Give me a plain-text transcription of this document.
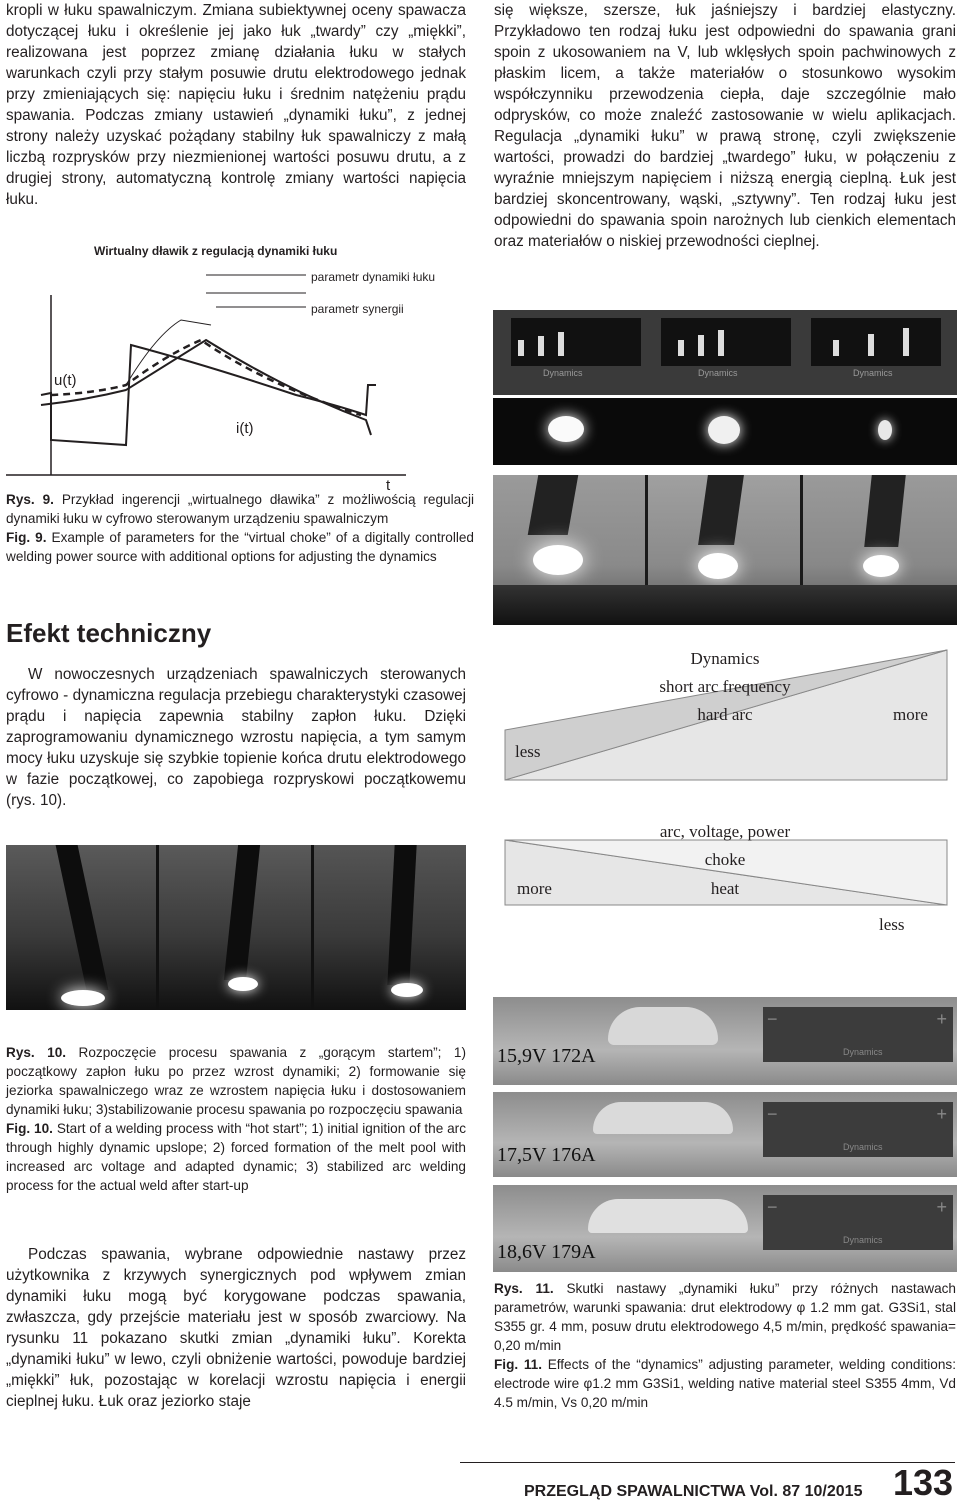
kropli w łuku spawalniczym. Zmiana subiektywnej oceny spawacza dotyczącej łuku i określenie jej jako łuk „twardy” czy „miękki”, realizowana jest poprzez zmianę działania łuku w stałych warunkach czyli przy stałym posuwie drutu elektrodowego jednak przy zmieniających się: napięciu łuku i średnim natężeniu prądu spawania. Podczas zmiany ustawień „dynamiki łuku”, z jednej strony należy uzyskać pożądany stabilny łuk spawalniczy z małą liczbą rozprysków przy niezmienionej wartości posuwu drutu, a z drugiej strony, automatyczną kontrolę zmiany wartości napięcia łuku.
się większe, szersze, łuk jaśniejszy i bardziej elastyczny. Przykładowo ten rodzaj łuku jest odpowiedni do spawania grani spoin z ukosowaniem na V, lub wklęsłych spoin pachwinowych z płaskim licem, a także materiałów o stosunkowo wysokim współczynniku przewodzenia ciepła, daje szczególnie mało odprysków, co może znaleźć zastosowanie w wielu aplikacjach. Regulacja „dynamiki łuku” w prawą stronę, czyli zwiększenie wartości, prowadzi do bardziej „twardego” łuku, w połączeniu z wyraźnie mniejszym napięciem i niższą energią cieplną. Łuk jest bardziej skoncentrowany, wąski, „sztywny”. Ten rodzaj łuku jest odpowiedni do spawania spoin narożnych lub cienkich elementach oraz materiałów o niskiej przewodności cieplnej.
Wirtualny dławik z regulacją dynamiki łuku
parametr dynamiki łuku
parametr synergii
u(t)
i(t)
t
Dynamics	Dynamics	Dynamics
Rys. 9. Przykład ingerencji „wirtualnego dławika” z możliwością regulacji dynamiki łuku w cyfrowo sterowanym urządzeniu spawalniczym
Fig. 9. Example of parameters for the “virtual choke” of a digitally controlled welding power source with additional options for adjusting the dynamics
Dynamics
short arc frequency
hard arc
less
more
arc, voltage, power
choke
heat
more
less
Efekt techniczny
W nowoczesnych urządzeniach spawalniczych sterowanych cyfrowo - dynamiczna regulacja przebiegu charakterystyki czasowej prądu i napięcia zapewnia stabilny zapłon łuku. Dzięki zaprogramowaniu dynamicznego wzrostu napięcia, a tym samym mocy łuku uzyskuje się szybkie topienie końca drutu elektrodowego w fazie początkowej, co zapobiega rozpryskowi początkowemu (rys. 10).
Rys. 10. Rozpoczęcie procesu spawania z „gorącym startem”; 1) początkowy zapłon łuku po przez wzrost dynamiki; 2) formowanie się jeziorka spawalniczego wraz ze wzrostem napięcia łuku i dostosowaniem dynamiki łuku; 3)stabilizowanie procesu spawania po rozpoczęciu spawania
Fig. 10. Start of a welding process with “hot start”; 1) initial ignition of the arc through highly dynamic upslope; 2) forced formation of the melt pool with increased arc voltage and adapted dynamic; 3) stabilized arc welding process for the actual weld after start-up
−	+
Dynamics
15,9V 172A
−	+
Dynamics
17,5V 176A
−	+
Dynamics
18,6V 179A
Rys. 11. Skutki nastawy „dynamiki łuku” przy różnych nastawach parametrów, warunki spawania: drut elektrodowy φ 1.2 mm gat. G3Si1, stal S355 gr. 4 mm, posuw drutu elektrodowego 4,5 m/min, prędkość spawania= 0,20 m/min
Fig. 11. Effects of the “dynamics” adjusting parameter, welding conditions: electrode wire φ1.2 mm G3Si1, welding native material steel S355 4mm, Vd 4.5 m/min, Vs 0,20 m/min
Podczas spawania, wybrane odpowiednie nastawy przez użytkownika z krzywych synergicznych pod wpływem zmian dynamiki łuku mogą być korygowane podczas spawania, zwłaszcza, gdy przejście materiału jest w sposób zwarciowy. Na rysunku 11 pokazano skutki zmian „dynamiki łuku”. Korekta „dynamiki łuku” w lewo, czyli obniżenie wartości, powoduje bardziej „miękki” łuk, pozostając w korelacji wzrostu napięcia i energii cieplnej łuku. Łuk oraz jeziorko staje
PRZEGLĄD SPAWALNICTWA Vol. 87 10/2015 133
